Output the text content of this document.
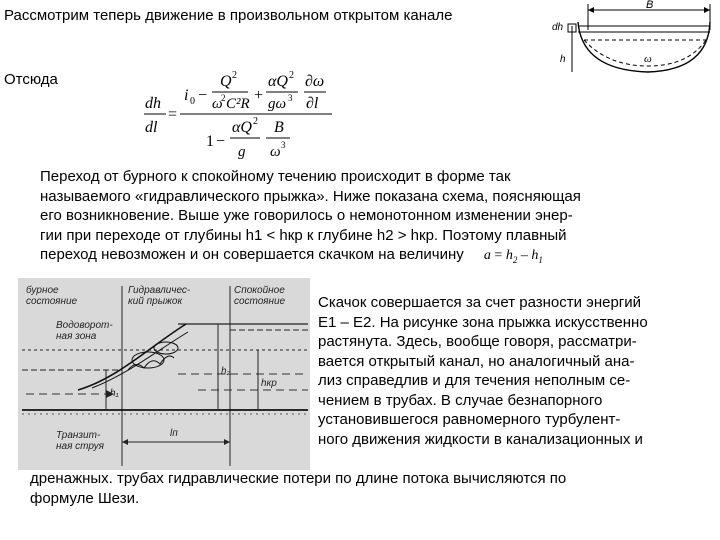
Рассмотрим теперь движение в произвольном открытом канале
B
dh
h	ω
Отсюда
dh
dl
=
i 0 −
Q 2
ω
2 C²R +
αQ 2
gω 3
∂ω
∂l
1 −
αQ 2
g
B
ω 3
Переход от бурного к спокойному течению происходит в форме так
называемого «гидравлического прыжка». Ниже показана схема, поясняющая
его возникновение. Выше уже говорилось о немонотонном изменении энер-
гии при переходе от глубины h1 < hкр к глубине h2 > hкр. Поэтому плавный
переход невозможен и он совершается скачком на величину $a = h_2 - h_1$
бурное
состояние
Гидравличес-
кий прыжок
Спокойное
состояние
Водоворот-
ная зона
Транзит-
ная струя
h₁
h₂
hкр
lп
Скачок совершается за счет разности энергий
Е1 – Е2. На рисунке зона прыжка искусственно
растянута. Здесь, вообще говоря, рассматри-
вается открытый канал, но аналогичный ана-
лиз справедлив и для течения неполным се-
чением в трубах. В случае безнапорного
установившегося равномерного турбулент-
ного движения жидкости в канализационных и
дренажных. трубах гидравлические потери по длине потока вычисляются по
формуле Шези.
